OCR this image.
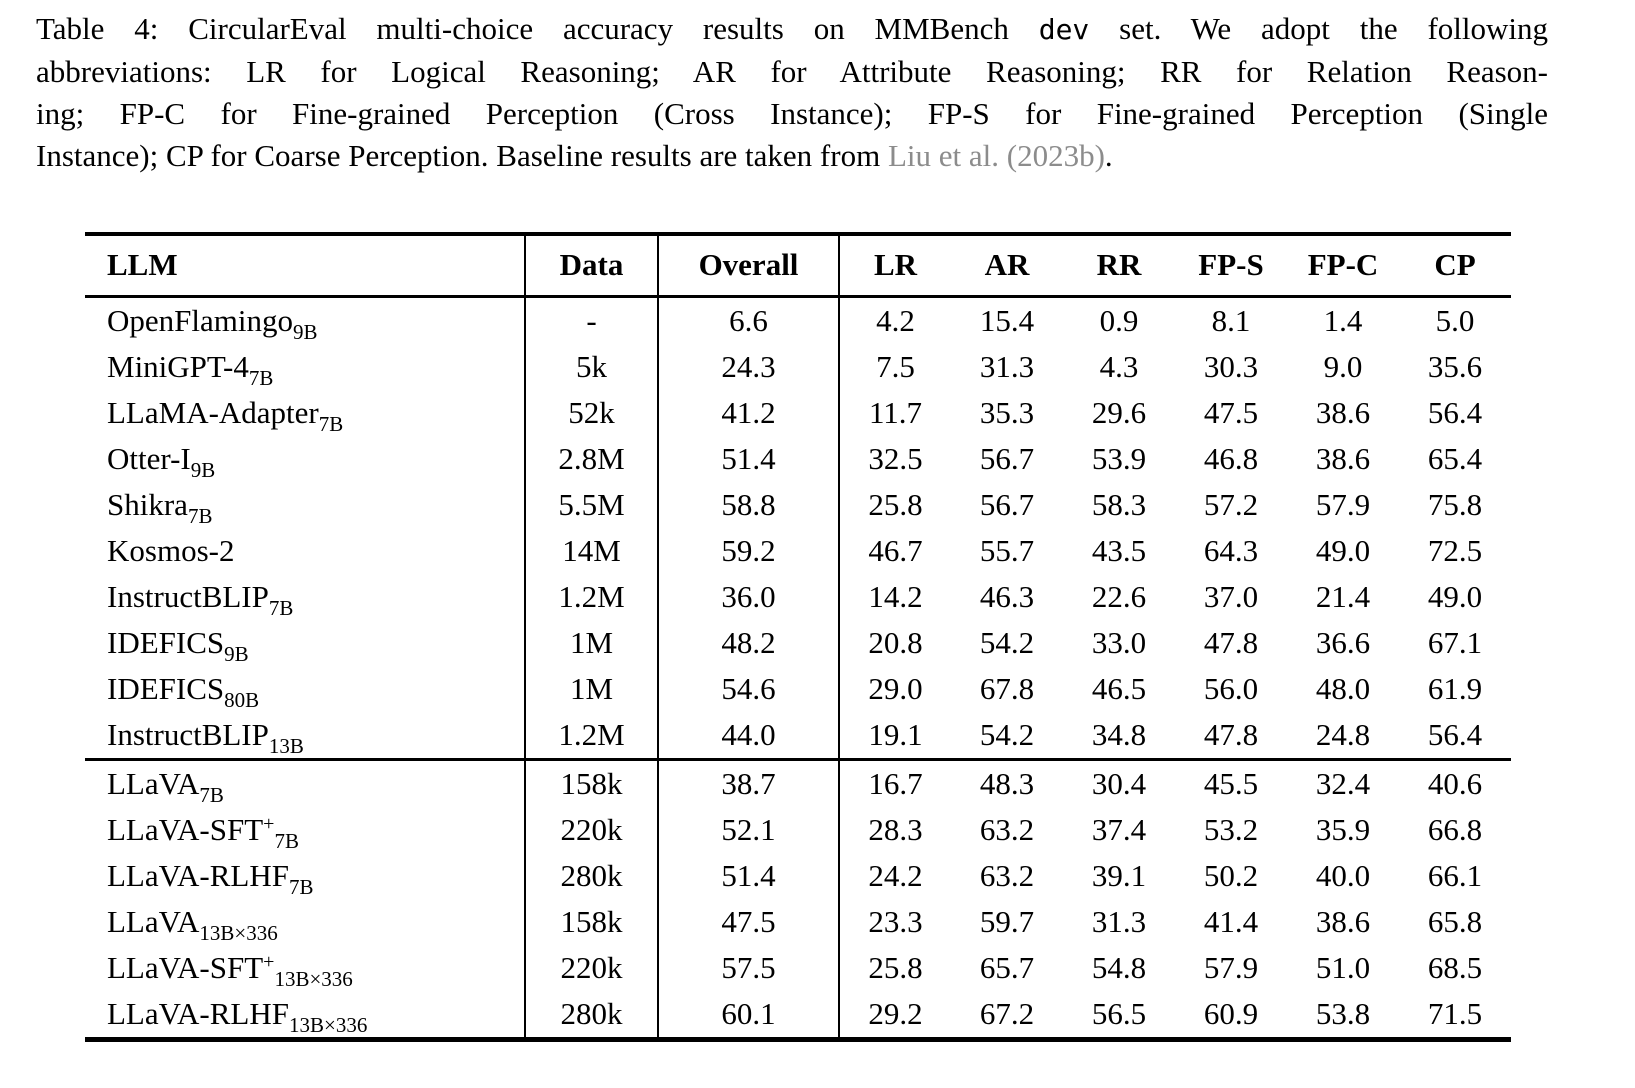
Table 4: CircularEval multi-choice accuracy results on MMBench dev set. We adopt the following
abbreviations: LR for Logical Reasoning; AR for Attribute Reasoning; RR for Relation Reason-
ing; FP-C for Fine-grained Perception (Cross Instance); FP-S for Fine-grained Perception (Single
Instance); CP for Coarse Perception. Baseline results are taken from Liu et al. (2023b).
LLM	Data	Overall	LR	AR	RR	FP-S	FP-C	CP
OpenFlamingo$_{9B}$	-	6.6	4.2	15.4	0.9	8.1	1.4	5.0
MiniGPT-$4_{7B}$	5k	24.3	7.5	31.3	4.3	30.3	9.0	35.6
LLaMA-Adapter$_{7B}$	52k	41.2	11.7	35.3	29.6	47.5	38.6	56.4
Otter-$I_{9B}$	2.8M	51.4	32.5	56.7	53.9	46.8	38.6	65.4
Shikra$_{7B}$	5.5M	58.8	25.8	56.7	58.3	57.2	57.9	75.8
Kosmos-2	14M	59.2	46.7	55.7	43.5	64.3	49.0	72.5
InstructBLIP$_{7B}$	1.2M	36.0	14.2	46.3	22.6	37.0	21.4	49.0
$IDEFICS_{9B}$	1M	48.2	20.8	54.2	33.0	47.8	36.6	67.1
$IDEFICS_{80B}$	1M	54.6	29.0	67.8	46.5	56.0	48.0	61.9
InstructBLIP$_{13B}$	1.2M	44.0	19.1	54.2	34.8	47.8	24.8	56.4
LLaVA$_{7B}$	158k	38.7	16.7	48.3	30.4	45.5	32.4	40.6
LLaVA-$SFT^+_{7B}$	220k	52.1	28.3	63.2	37.4	53.2	35.9	66.8
LLaVA-$RLHF_{7B}$	280k	51.4	24.2	63.2	39.1	50.2	40.0	66.1
LLaVA$_{13B\times 336}$	158k	47.5	23.3	59.7	31.3	41.4	38.6	65.8
LLaVA-$SFT^+_{13B\times 336}$	220k	57.5	25.8	65.7	54.8	57.9	51.0	68.5
LLaVA-$RLHF_{13B\times 336}$	280k	60.1	29.2	67.2	56.5	60.9	53.8	71.5
